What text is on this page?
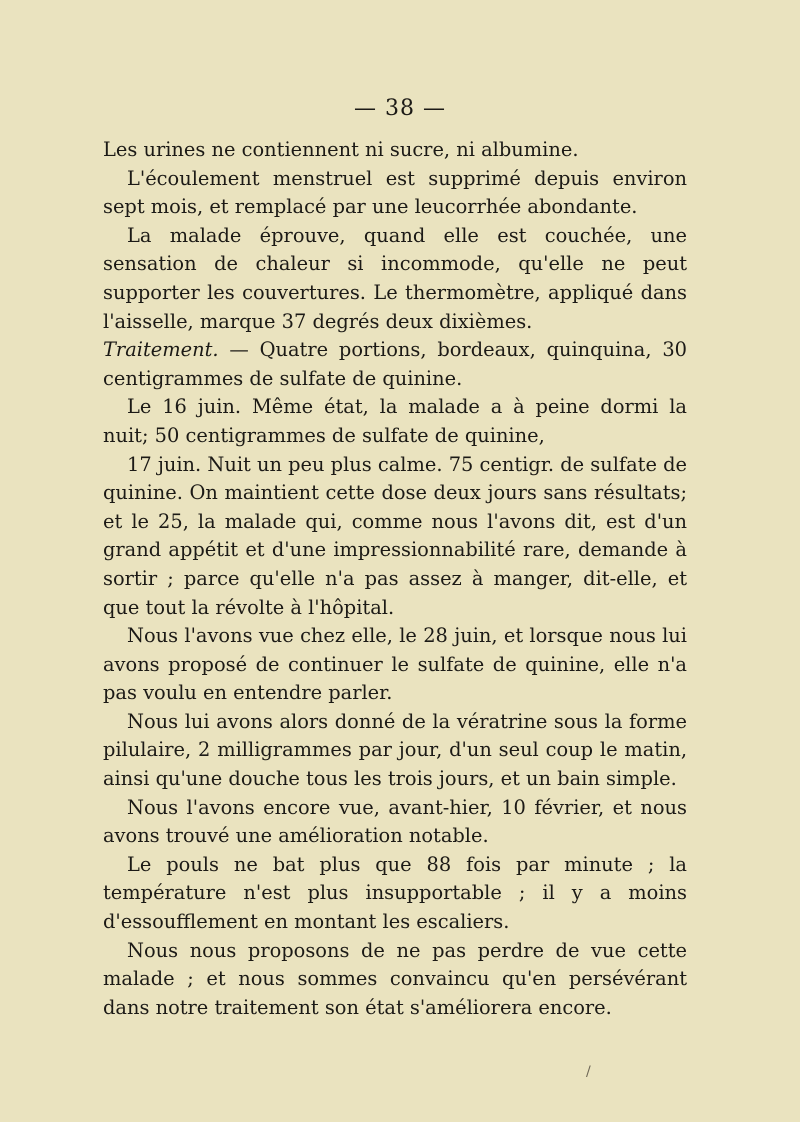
— 38 —

Les urines ne contiennent ni sucre, ni albumine.

L'écoulement menstruel est supprimé depuis environ sept mois, et remplacé par une leucorrhée abondante.

La malade éprouve, quand elle est couchée, une sensation de chaleur si incommode, qu'elle ne peut supporter les couvertures. Le thermomètre, appliqué dans l'aisselle, marque 37 degrés deux dixièmes.

Traitement. — Quatre portions, bordeaux, quinquina, 30 centigrammes de sulfate de quinine.

Le 16 juin. Même état, la malade a à peine dormi la nuit; 50 centigrammes de sulfate de quinine,

17 juin. Nuit un peu plus calme. 75 centigr. de sulfate de quinine. On maintient cette dose deux jours sans résultats; et le 25, la malade qui, comme nous l'avons dit, est d'un grand appétit et d'une impressionnabilité rare, demande à sortir ; parce qu'elle n'a pas assez à manger, dit-elle, et que tout la révolte à l'hôpital.

Nous l'avons vue chez elle, le 28 juin, et lorsque nous lui avons proposé de continuer le sulfate de quinine, elle n'a pas voulu en entendre parler.

Nous lui avons alors donné de la vératrine sous la forme pilulaire, 2 milligrammes par jour, d'un seul coup le matin, ainsi qu'une douche tous les trois jours, et un bain simple.

Nous l'avons encore vue, avant-hier, 10 février, et nous avons trouvé une amélioration notable.

Le pouls ne bat plus que 88 fois par minute ; la température n'est plus insupportable ; il y a moins d'essoufflement en montant les escaliers.

Nous nous proposons de ne pas perdre de vue cette malade ; et nous sommes convaincu qu'en persévérant dans notre traitement son état s'améliorera encore.

/
